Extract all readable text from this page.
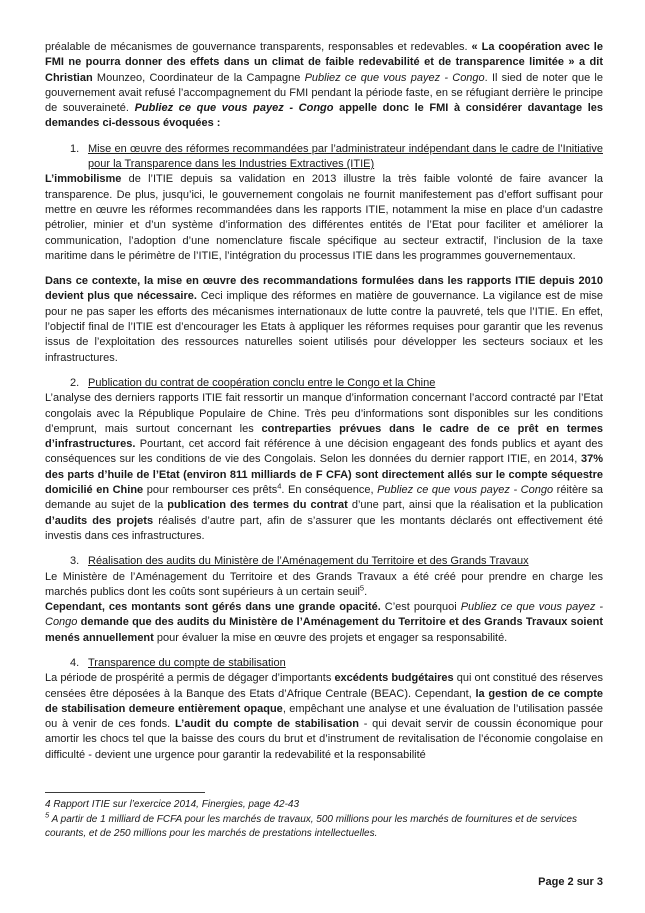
préalable de mécanismes de gouvernance transparents, responsables et redevables. « La coopération avec le FMI ne pourra donner des effets dans un climat de faible redevabilité et de transparence limitée » a dit Christian Mounzeo, Coordinateur de la Campagne Publiez ce que vous payez - Congo. Il sied de noter que le gouvernement avait refusé l’accompagnement du FMI pendant la période faste, en se réfugiant derrière le principe de souveraineté. Publiez ce que vous payez - Congo appelle donc le FMI à considérer davantage les demandes ci-dessous évoquées :

1. Mise en œuvre des réformes recommandées par l’administrateur indépendant dans le cadre de l’Initiative pour la Transparence dans les Industries Extractives (ITIE)

L’immobilisme de l’ITIE depuis sa validation en 2013 illustre la très faible volonté de faire avancer la transparence. De plus, jusqu’ici, le gouvernement congolais ne fournit manifestement pas d’effort suffisant pour mettre en œuvre les réformes recommandées dans les rapports ITIE, notamment la mise en place d’un cadastre pétrolier, minier et d’un système d’information des différentes entités de l’Etat pour faciliter et améliorer la communication, l’adoption d’une nomenclature fiscale spécifique au secteur extractif, l’inclusion de la taxe maritime dans le périmètre de l’ITIE, l’intégration du processus ITIE dans les programmes gouvernementaux.

Dans ce contexte, la mise en œuvre des recommandations formulées dans les rapports ITIE depuis 2010 devient plus que nécessaire. Ceci implique des réformes en matière de gouvernance. La vigilance est de mise pour ne pas saper les efforts des mécanismes internationaux de lutte contre la pauvreté, tels que l’ITIE. En effet, l’objectif final de l’ITIE est d’encourager les Etats à appliquer les réformes requises pour garantir que les revenus issus de l’exploitation des ressources naturelles soient utilisés pour développer les secteurs sociaux et les infrastructures.

2. Publication du contrat de coopération conclu entre le Congo et la Chine

L’analyse des derniers rapports ITIE fait ressortir un manque d’information concernant l’accord contracté par l’Etat congolais avec la République Populaire de Chine. Très peu d’informations sont disponibles sur les conditions d’emprunt, mais surtout concernant les contreparties prévues dans le cadre de ce prêt en termes d’infrastructures. Pourtant, cet accord fait référence à une décision engageant des fonds publics et ayant des conséquences sur les conditions de vie des Congolais. Selon les données du dernier rapport ITIE, en 2014, 37% des parts d’huile de l’Etat (environ 811 milliards de F CFA) sont directement allés sur le compte séquestre domicilié en Chine pour rembourser ces prêts$^4$. En conséquence, Publiez ce que vous payez - Congo réitère sa demande au sujet de la publication des termes du contrat d’une part, ainsi que la réalisation et la publication d’audits des projets réalisés d’autre part, afin de s’assurer que les montants déclarés ont effectivement été investis dans ces infrastructures.

3. Réalisation des audits du Ministère de l’Aménagement du Territoire et des Grands Travaux

Le Ministère de l’Aménagement du Territoire et des Grands Travaux a été créé pour prendre en charge les marchés publics dont les coûts sont supérieurs à un certain seuil$^5$.
Cependant, ces montants sont gérés dans une grande opacité. C’est pourquoi Publiez ce que vous payez - Congo demande que des audits du Ministère de l’Aménagement du Territoire et des Grands Travaux soient menés annuellement pour évaluer la mise en œuvre des projets et engager sa responsabilité.

4. Transparence du compte de stabilisation

La période de prospérité a permis de dégager d’importants excédents budgétaires qui ont constitué des réserves censées être déposées à la Banque des Etats d’Afrique Centrale (BEAC). Cependant, la gestion de ce compte de stabilisation demeure entièrement opaque, empêchant une analyse et une évaluation de l’utilisation passée ou à venir de ces fonds. L’audit du compte de stabilisation - qui devait servir de coussin économique pour amortir les chocs tel que la baisse des cours du brut et d’instrument de revitalisation de l’économie congolaise en difficulté - devient une urgence pour garantir la redevabilité et la responsabilité

4 Rapport ITIE sur l’exercice 2014, Finergies, page 42-43

$^5$ A partir de 1 milliard de FCFA pour les marchés de travaux, 500 millions pour les marchés de fournitures et de services courants, et de 250 millions pour les marchés de prestations intellectuelles.

Page 2 sur 3
